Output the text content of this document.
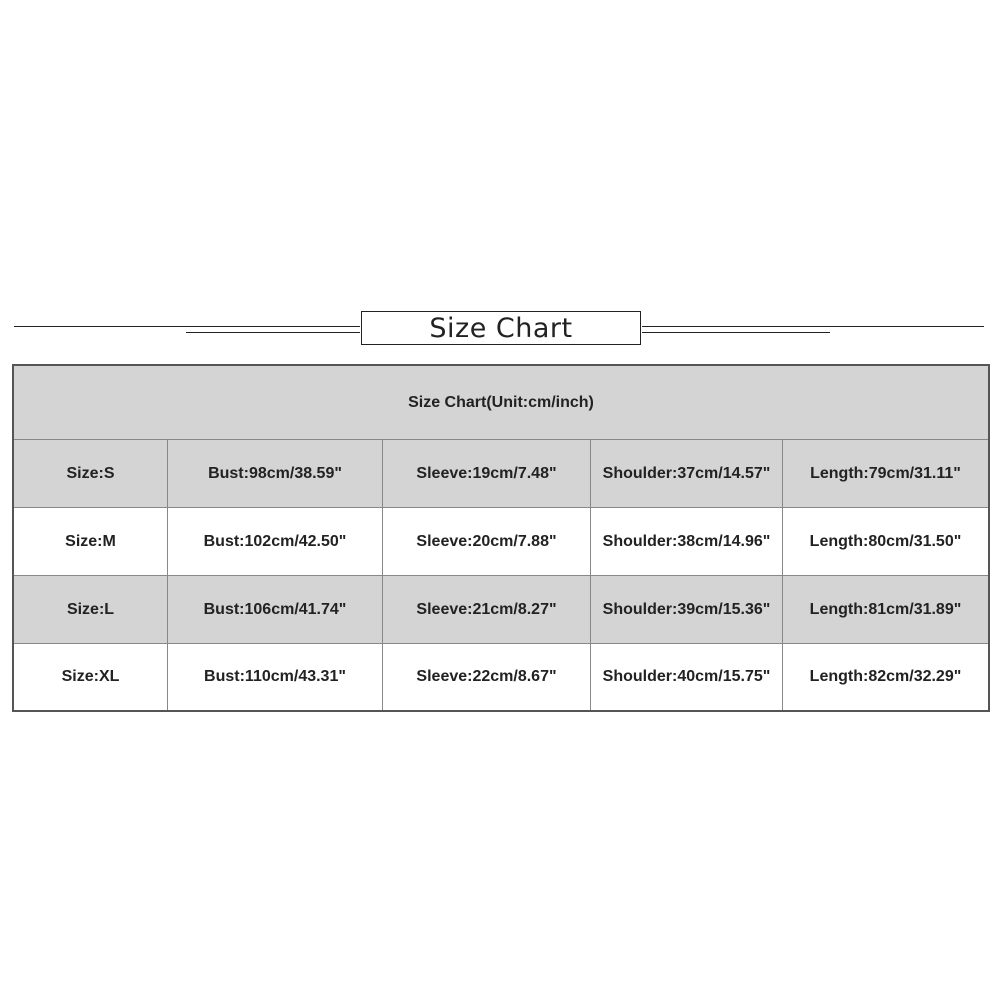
Size Chart
Size Chart(Unit:cm/inch)
Size:S	Bust:98cm/38.59"	Sleeve:19cm/7.48"	Shoulder:37cm/14.57"	Length:79cm/31.11"
Size:M	Bust:102cm/42.50"	Sleeve:20cm/7.88"	Shoulder:38cm/14.96"	Length:80cm/31.50"
Size:L	Bust:106cm/41.74"	Sleeve:21cm/8.27"	Shoulder:39cm/15.36"	Length:81cm/31.89"
Size:XL	Bust:110cm/43.31"	Sleeve:22cm/8.67"	Shoulder:40cm/15.75"	Length:82cm/32.29"
